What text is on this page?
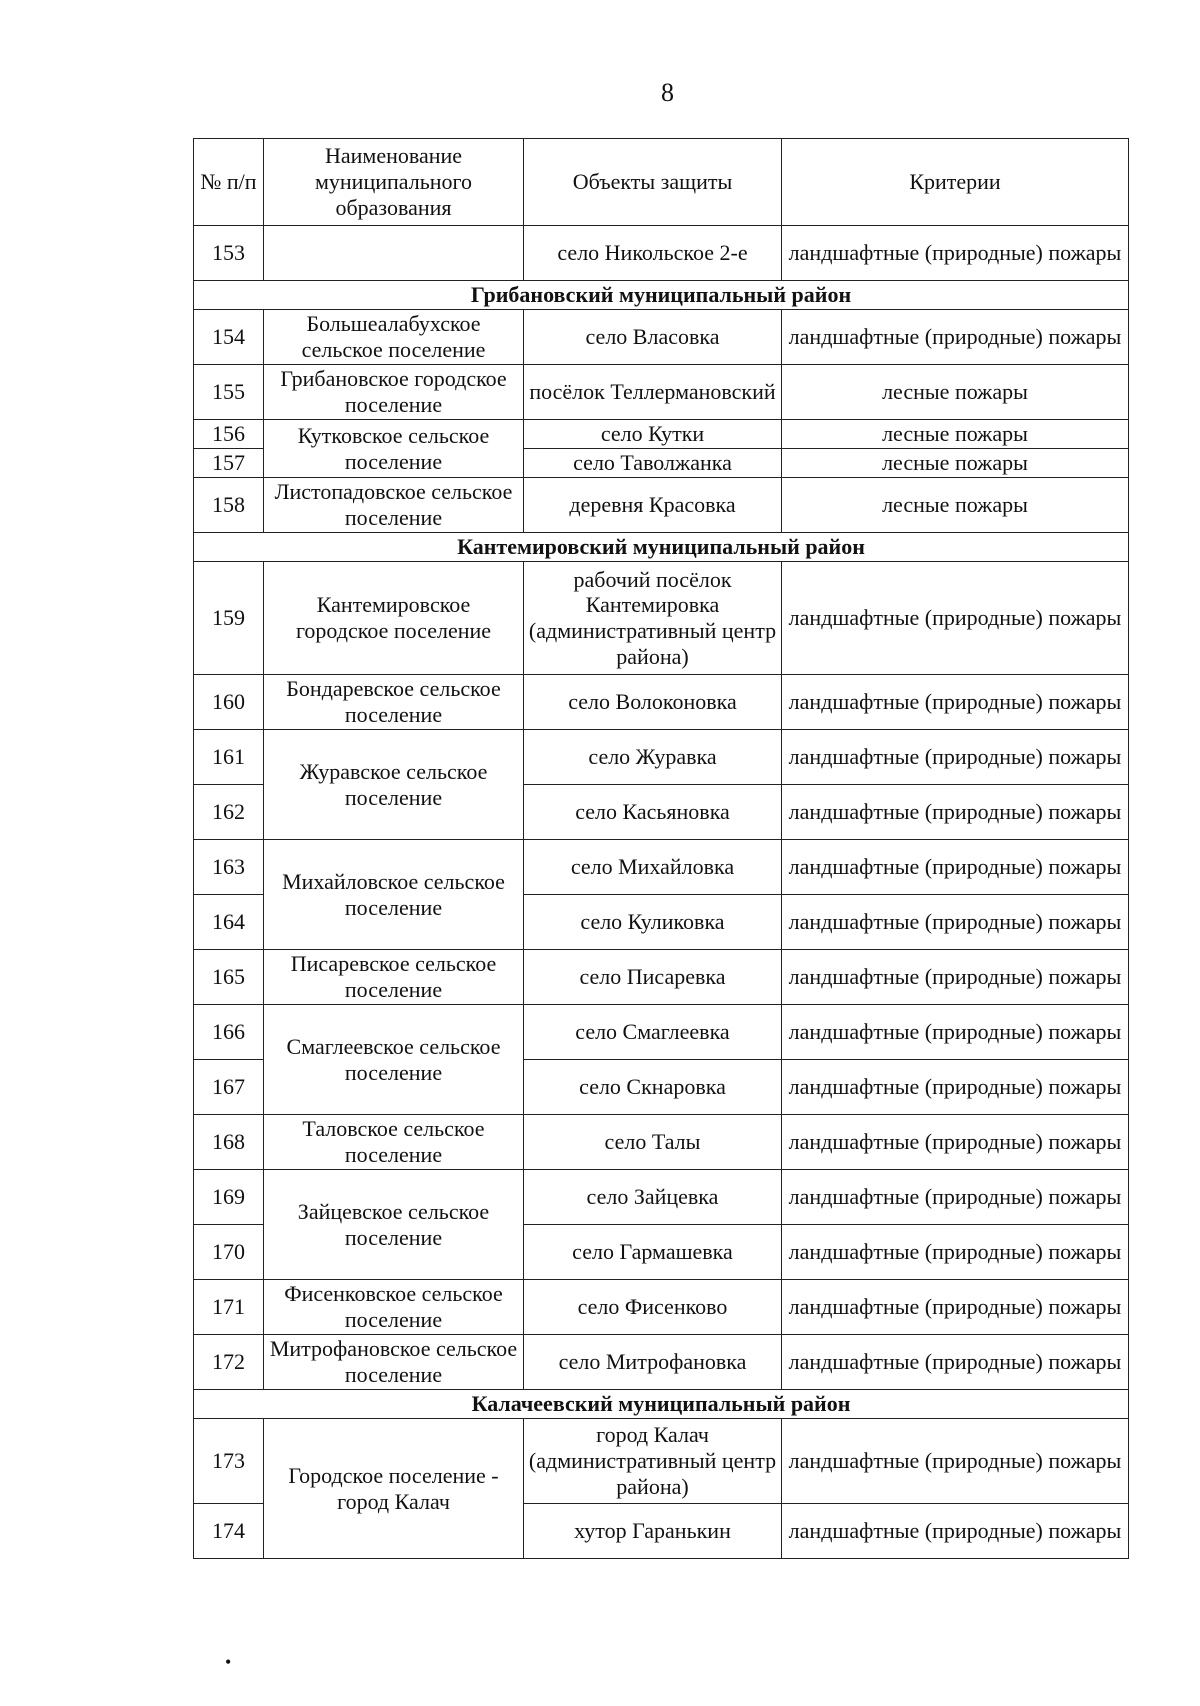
8
№ п/п	Наименование муниципального образования	Объекты защиты	Критерии
153		село Никольское 2-е	ландшафтные (природные) пожары
Грибановский муниципальный район			
154	Большеалабухское сельское поселение	село Власовка	ландшафтные (природные) пожары
155	Грибановское городское поселение	посёлок Теллермановский	лесные пожары
156	Кутковское сельское поселение	село Кутки	лесные пожары
157		село Таволжанка	лесные пожары
158	Листопадовское сельское поселение	деревня Красовка	лесные пожары
Кантемировский муниципальный район			
159	Кантемировское городское поселение	рабочий посёлок Кантемировка (административный центр района)	ландшафтные (природные) пожары
160	Бондаревское сельское поселение	село Волоконовка	ландшафтные (природные) пожары
161	Журавское сельское поселение	село Журавка	ландшафтные (природные) пожары
162		село Касьяновка	ландшафтные (природные) пожары
163	Михайловское сельское поселение	село Михайловка	ландшафтные (природные) пожары
164		село Куликовка	ландшафтные (природные) пожары
165	Писаревское сельское поселение	село Писаревка	ландшафтные (природные) пожары
166	Смаглеевское сельское поселение	село Смаглеевка	ландшафтные (природные) пожары
167		село Скнаровка	ландшафтные (природные) пожары
168	Таловское сельское поселение	село Талы	ландшафтные (природные) пожары
169	Зайцевское сельское поселение	село Зайцевка	ландшафтные (природные) пожары
170		село Гармашевка	ландшафтные (природные) пожары
171	Фисенковское сельское поселение	село Фисенково	ландшафтные (природные) пожары
172	Митрофановское сельское поселение	село Митрофановка	ландшафтные (природные) пожары
Калачеевский муниципальный район			
173	Городское поселение - город Калач	город Калач (административный центр района)	ландшафтные (природные) пожары
174		хутор Гаранькин	ландшафтные (природные) пожары
•
